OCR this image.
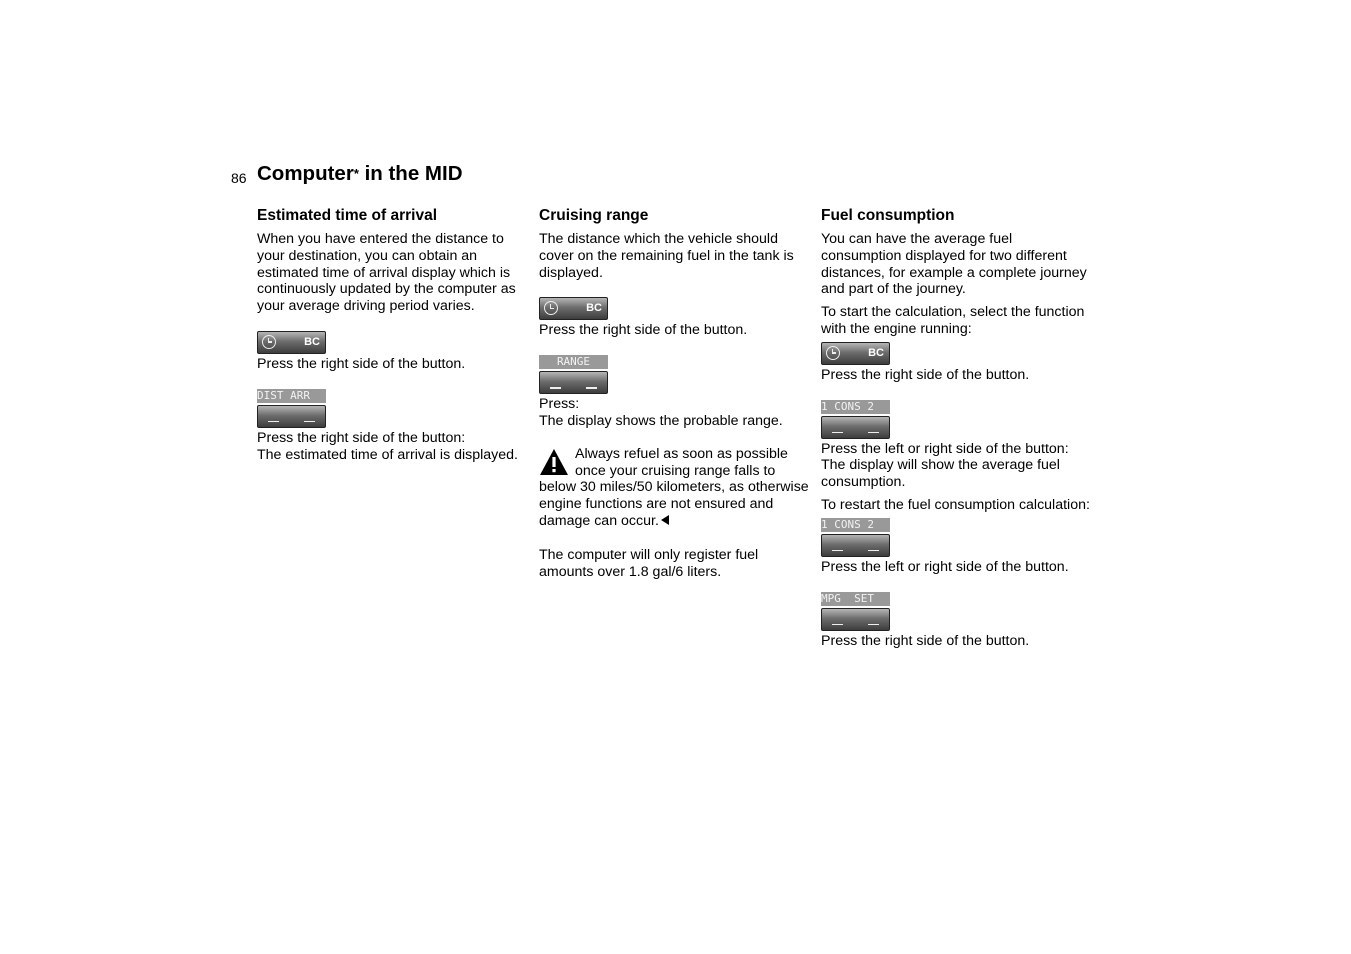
86 Computer* in the MID
Estimated time of arrival

When you have entered the distance to your destination, you can obtain an estimated time of arrival display which is continuously updated by the computer as your average driving period varies.

BC

Press the right side of the button.

DIST ARR

Press the right side of the button:

The estimated time of arrival is displayed.

Cruising range

The distance which the vehicle should cover on the remaining fuel in the tank is displayed.

BC

Press the right side of the button.

RANGE

Press:

The display shows the probable range.

Always refuel as soon as possible once your cruising range falls to below 30 miles/50 kilometers, as otherwise engine functions are not ensured and damage can occur.

The computer will only register fuel amounts over 1.8 gal/6 liters.

Fuel consumption

You can have the average fuel consumption displayed for two different distances, for example a complete journey and part of the journey.

To start the calculation, select the function with the engine running:

BC

Press the right side of the button.

1 CONS 2

Press the left or right side of the button:

The display will show the average fuel consumption.

To restart the fuel consumption calculation:

1 CONS 2

Press the left or right side of the button.

MPG  SET

Press the right side of the button.
